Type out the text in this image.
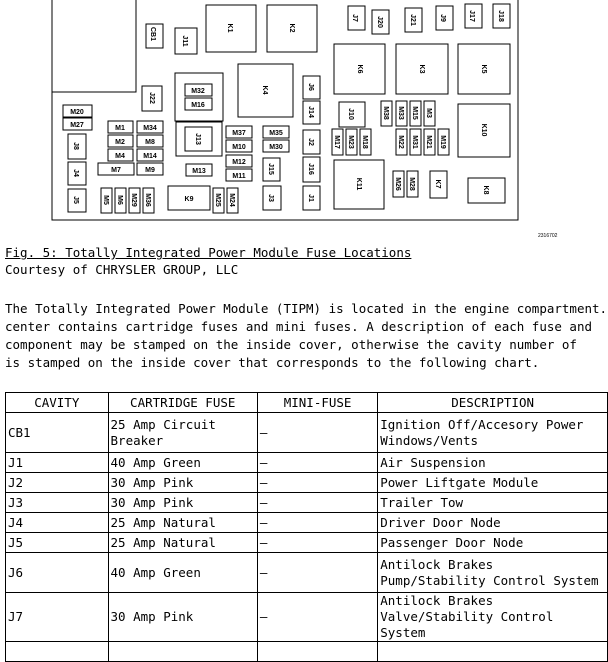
CB1	J11
K1	K2
J7	J20	J21	J9	J17	J18
K6	K3	K5
J22
M32
M16
K4	J6
J14
M20
M27
J8
J4
J5
M1	M34
M2	M8
M4	M14
M7	M9
J13	M37
M10
M12
M11
M35
M30
J15
J2
J16
J10
M17 M23 M18
M38 M33 M15 M3
M22 M31 M21 M19
K10
M13
K11	M26 M28	K7
K8
M5 M6 M29 M36	K9	M25 M24	J3	J1
2316702
Fig. 5: Totally Integrated Power Module Fuse Locations
Courtesy of CHRYSLER GROUP, LLC
The Totally Integrated Power Module (TIPM) is located in the engine compartment.
center contains cartridge fuses and mini fuses. A description of each fuse and
component may be stamped on the inside cover, otherwise the cavity number of
is stamped on the inside cover that corresponds to the following chart.
CAVITY	CARTRIDGE FUSE	MINI-FUSE	DESCRIPTION
CB1	25 Amp Circuit Breaker	–	Ignition Off/Accesory Power Windows/Vents
J1	40 Amp Green	–	Air Suspension
J2	30 Amp Pink	–	Power Liftgate Module
J3	30 Amp Pink	–	Trailer Tow
J4	25 Amp Natural	–	Driver Door Node
J5	25 Amp Natural	–	Passenger Door Node
J6	40 Amp Green	–	Antilock Brakes Pump/Stability Control System
J7	30 Amp Pink	–	Antilock Brakes Valve/Stability Control System
